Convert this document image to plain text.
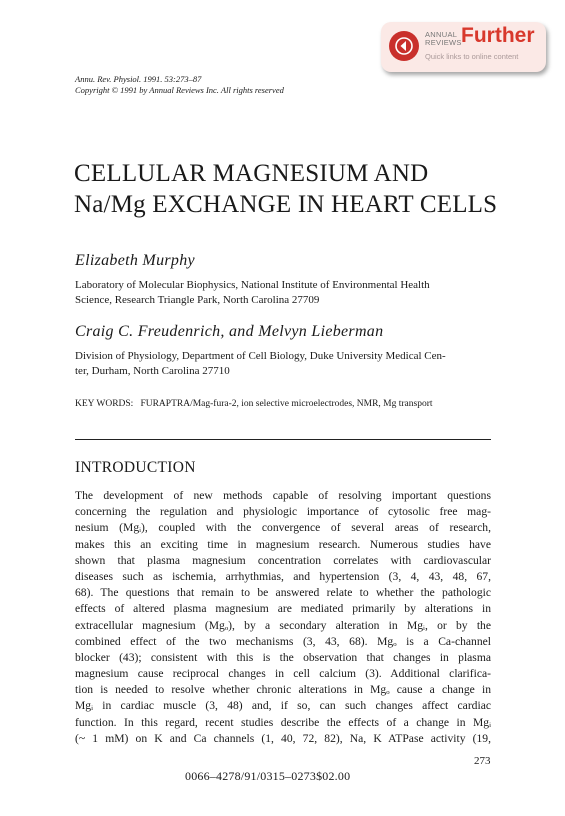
ANNUAL
REVIEWS Further
Quick links to online content
Annu. Rev. Physiol. 1991. 53:273–87
Copyright © 1991 by Annual Reviews Inc. All rights reserved
CELLULAR MAGNESIUM AND
Na/Mg EXCHANGE IN HEART CELLS
Elizabeth Murphy
Laboratory of Molecular Biophysics, National Institute of Environmental Health
Science, Research Triangle Park, North Carolina 27709
Craig C. Freudenrich, and Melvyn Lieberman
Division of Physiology, Department of Cell Biology, Duke University Medical Cen-
ter, Durham, North Carolina 27710
KEY WORDS: FURAPTRA/Mag-fura-2, ion selective microelectrodes, NMR, Mg transport
INTRODUCTION
The development of new methods capable of resolving important questions
concerning the regulation and physiologic importance of cytosolic free mag-
nesium (Mgᵢ), coupled with the convergence of several areas of research,
makes this an exciting time in magnesium research. Numerous studies have
shown that plasma magnesium concentration correlates with cardiovascular
diseases such as ischemia, arrhythmias, and hypertension (3, 4, 43, 48, 67,
68). The questions that remain to be answered relate to whether the pathologic
effects of altered plasma magnesium are mediated primarily by alterations in
extracellular magnesium (Mgₒ), by a secondary alteration in Mgᵢ, or by the
combined effect of the two mechanisms (3, 43, 68). Mgₒ is a Ca-channel
blocker (43); consistent with this is the observation that changes in plasma
magnesium cause reciprocal changes in cell calcium (3). Additional clarifica-
tion is needed to resolve whether chronic alterations in Mgₒ cause a change in
Mgᵢ in cardiac muscle (3, 48) and, if so, can such changes affect cardiac
function. In this regard, recent studies describe the effects of a change in Mgᵢ
(~ 1 mM) on K and Ca channels (1, 40, 72, 82), Na, K ATPase activity (19,
273
0066–4278/91/0315–0273$02.00
